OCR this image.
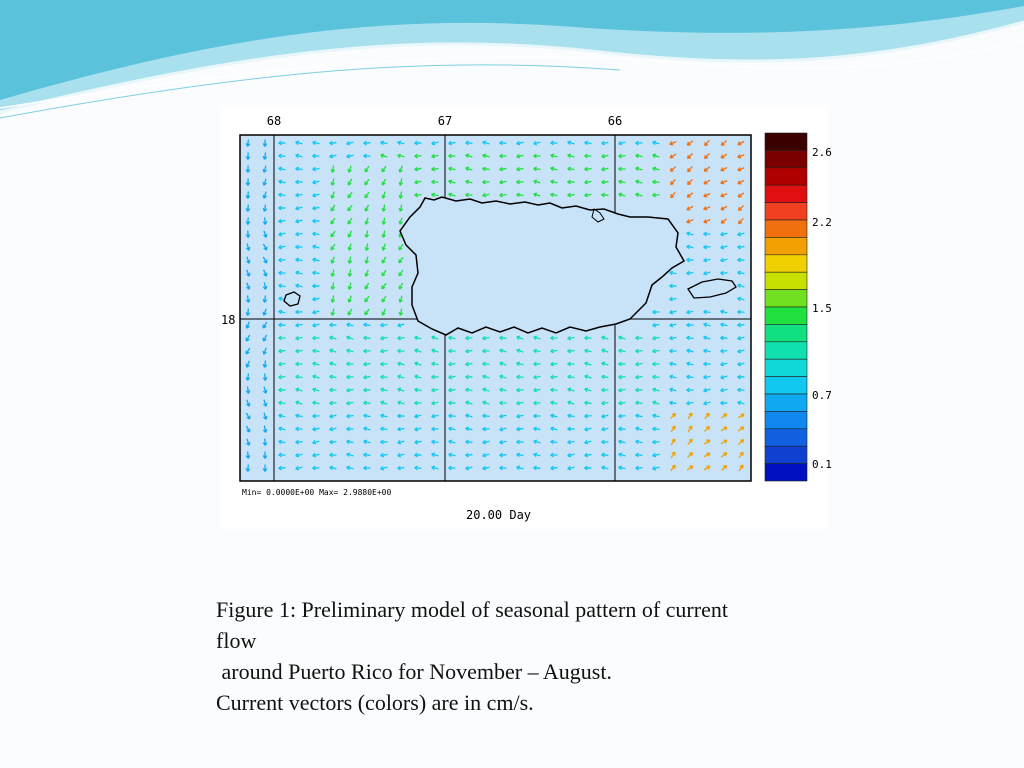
68	67	66
18
2.6
2.2
1.5
0.7
0.1
Min= 0.0000E+00 Max= 2.9880E+00
20.00 Day
Figure 1: Preliminary model of seasonal pattern of current
flow
around Puerto Rico for November – August.
Current vectors (colors) are in cm/s.
